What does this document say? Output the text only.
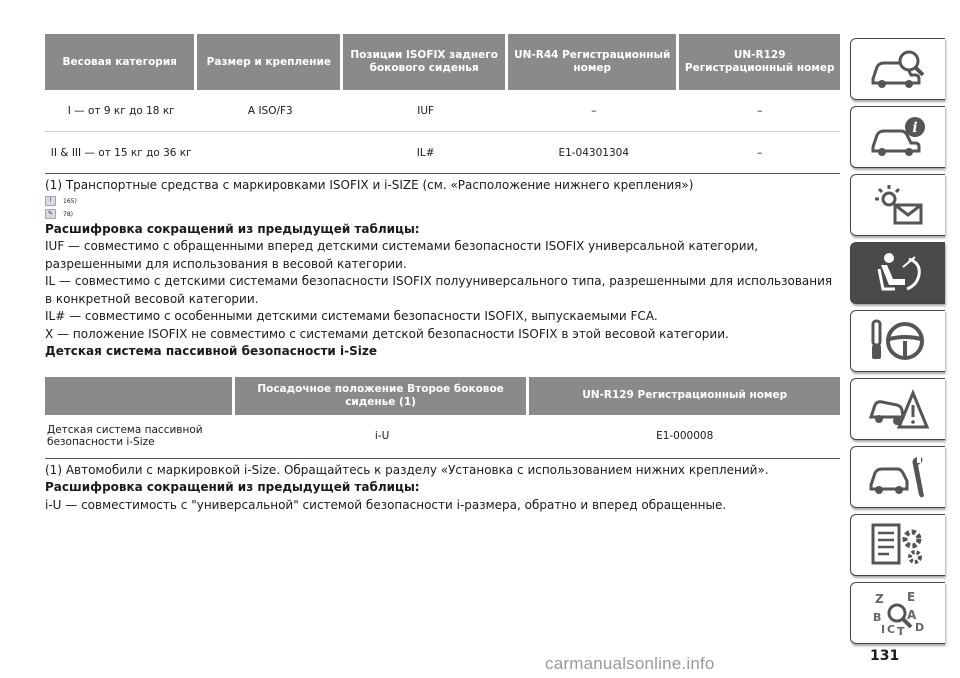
Весовая категория	Размер и крепление	Позиции ISOFIX заднего бокового сиденья	UN-R44 Регистрационный номер	UN-R129 Регистрационный номер
I — от 9 кг до 18 кг	A ISO/F3	IUF	–	–
II & III — от 15 кг до 36 кг		IL#	E1-04301304	–

(1) Транспортные средства с маркировками ISOFIX и i-SIZE (см. «Расположение нижнего крепления»)

!	165)
✎	78)

Расшифровка сокращений из предыдущей таблицы:

IUF — совместимо с обращенными вперед детскими системами безопасности ISOFIX универсальной категории, разрешенными для использования в весовой категории.

IL — совместимо с детскими системами безопасности ISOFIX полууниверсального типа, разрешенными для использования в конкретной весовой категории.

IL# — совместимо с особенными детскими системами безопасности ISOFIX, выпускаемыми FCA.

X — положение ISOFIX не совместимо с системами детской безопасности ISOFIX в этой весовой категории.

Детская система пассивной безопасности i-Size

	Посадочное положение Второе боковое сиденье (1)	UN-R129 Регистрационный номер
Детская система пассивной безопасности i-Size	i-U	E1-000008

(1) Автомобили с маркировкой i-Size. Обращайтесь к разделу «Установка с использованием нижних креплений».

Расшифровка сокращений из предыдущей таблицы:

i-U — совместимость с "универсальной" системой безопасности i-размера, обратно и вперед обращенные.

i
Z E
B A
C T D
I
131
carmanualsonline.info
